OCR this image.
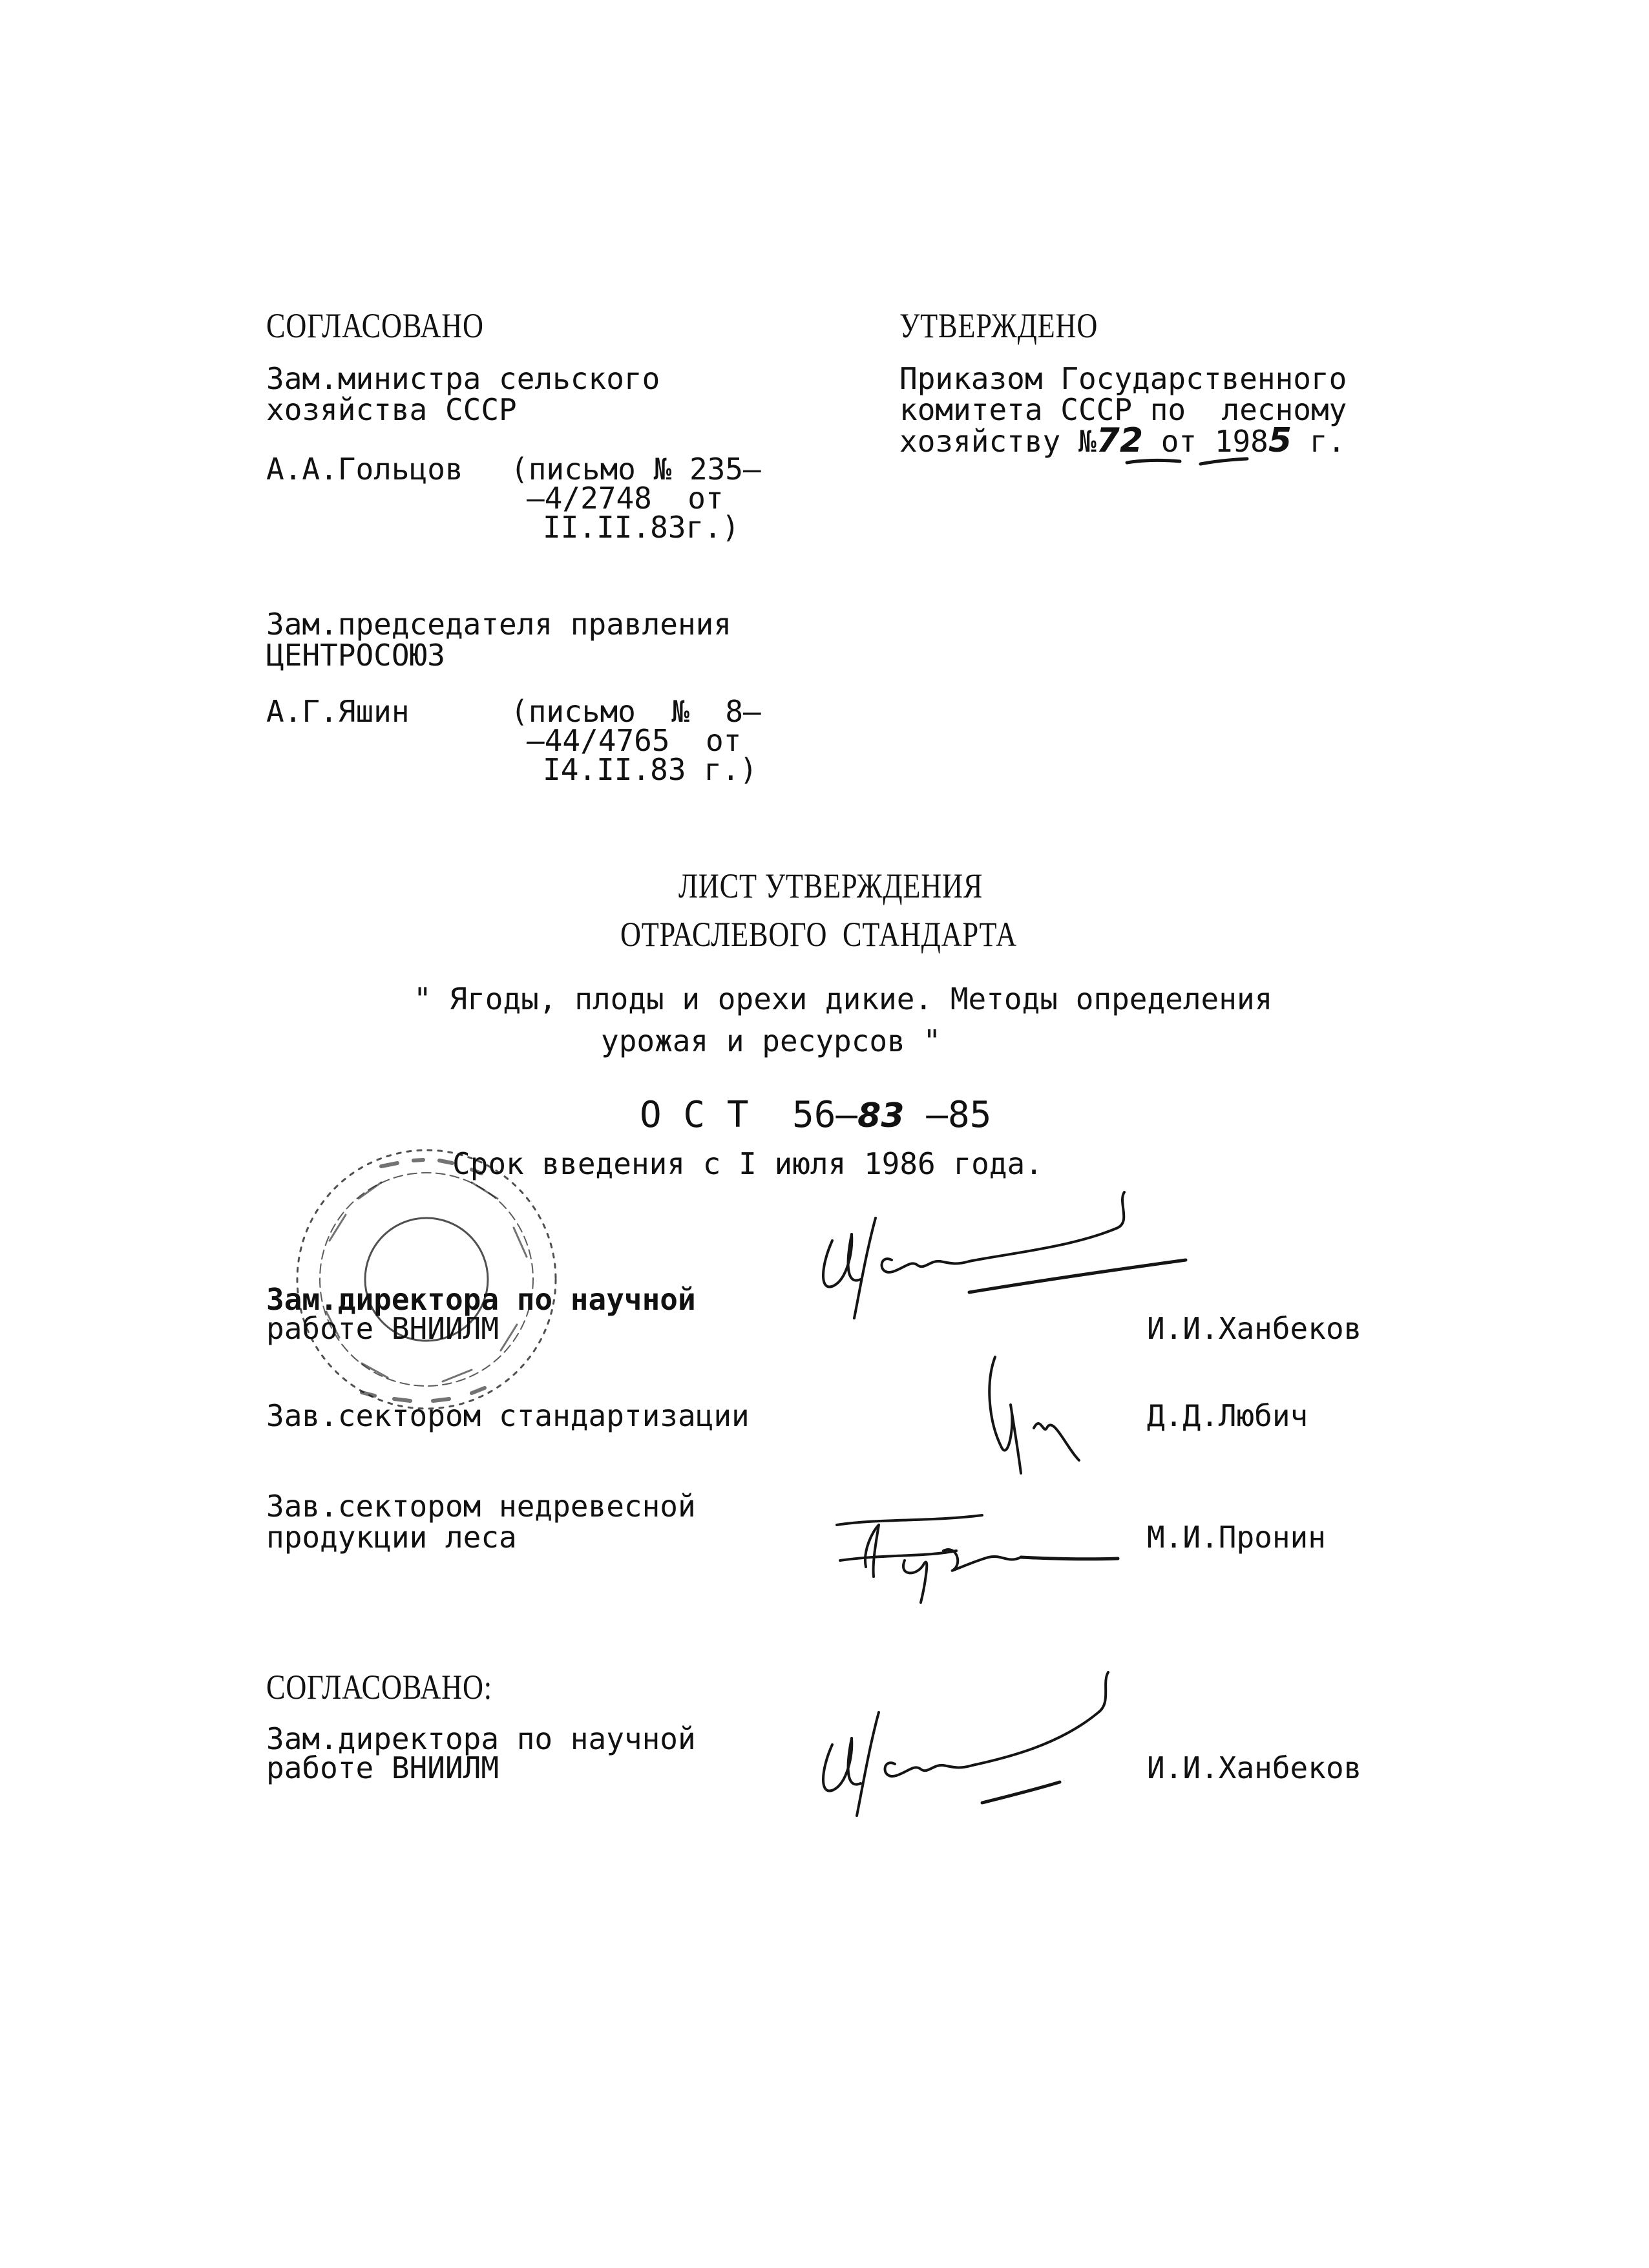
СОГЛАСОВАНО
Зам.министра сельского
хозяйства СССР
А.А.Гольцов (письмо № 235–
–4/2748  от
II.II.83г.)
УТВЕРЖДЕНО
Приказом Государственного
комитета СССР по  лесному
хозяйству №72 от 1985 г.
Зам.председателя правления
ЦЕНТРОСОЮЗ
А.Г.Яшин	(письмо  №  8–
–44/4765  от
I4.II.83 г.)
ЛИСТ УТВЕРЖДЕНИЯ
ОТРАСЛЕВОГО  СТАНДАРТА
" Ягоды, плоды и орехи дикие. Методы определения
урожая и ресурсов "
О С Т  56–83 –85
Срок введения с I июля 1986 года.
Зам.директора по научной
работе ВНИИЛМ	И.И.Ханбеков
Зав.сектором стандартизации	Д.Д.Любич
Зав.сектором недревесной
продукции леса	М.И.Пронин
СОГЛАСОВАНО:
Зам.директора по научной
работе ВНИИЛМ	И.И.Ханбеков
